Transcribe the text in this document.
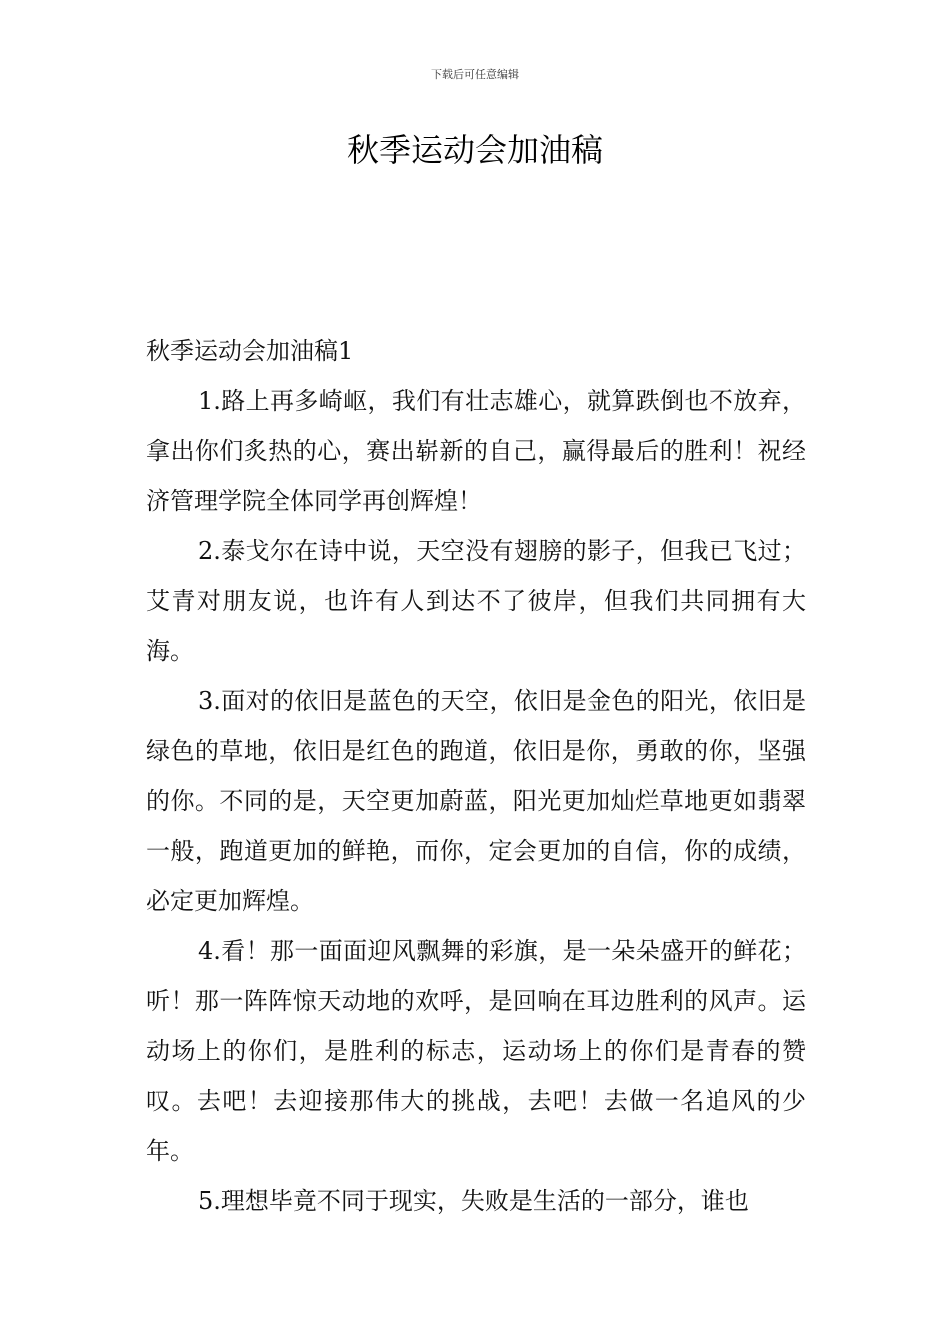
下载后可任意编辑
秋季运动会加油稿

秋季运动会加油稿1

1.路上再多崎岖，我们有壮志雄心，就算跌倒也不放弃，拿出你们炙热的心，赛出崭新的自己，赢得最后的胜利！祝经济管理学院全体同学再创辉煌！

2.泰戈尔在诗中说，天空没有翅膀的影子，但我已飞过；艾青对朋友说，也许有人到达不了彼岸，但我们共同拥有大海。

3.面对的依旧是蓝色的天空，依旧是金色的阳光，依旧是绿色的草地，依旧是红色的跑道，依旧是你，勇敢的你，坚强的你。不同的是，天空更加蔚蓝，阳光更加灿烂草地更如翡翠一般，跑道更加的鲜艳，而你，定会更加的自信，你的成绩，必定更加辉煌。

4.看！那一面面迎风飘舞的彩旗，是一朵朵盛开的鲜花；听！那一阵阵惊天动地的欢呼，是回响在耳边胜利的风声。运动场上的你们，是胜利的标志，运动场上的你们是青春的赞叹。去吧！去迎接那伟大的挑战，去吧！去做一名追风的少年。

5.理想毕竟不同于现实，失败是生活的一部分，谁也
